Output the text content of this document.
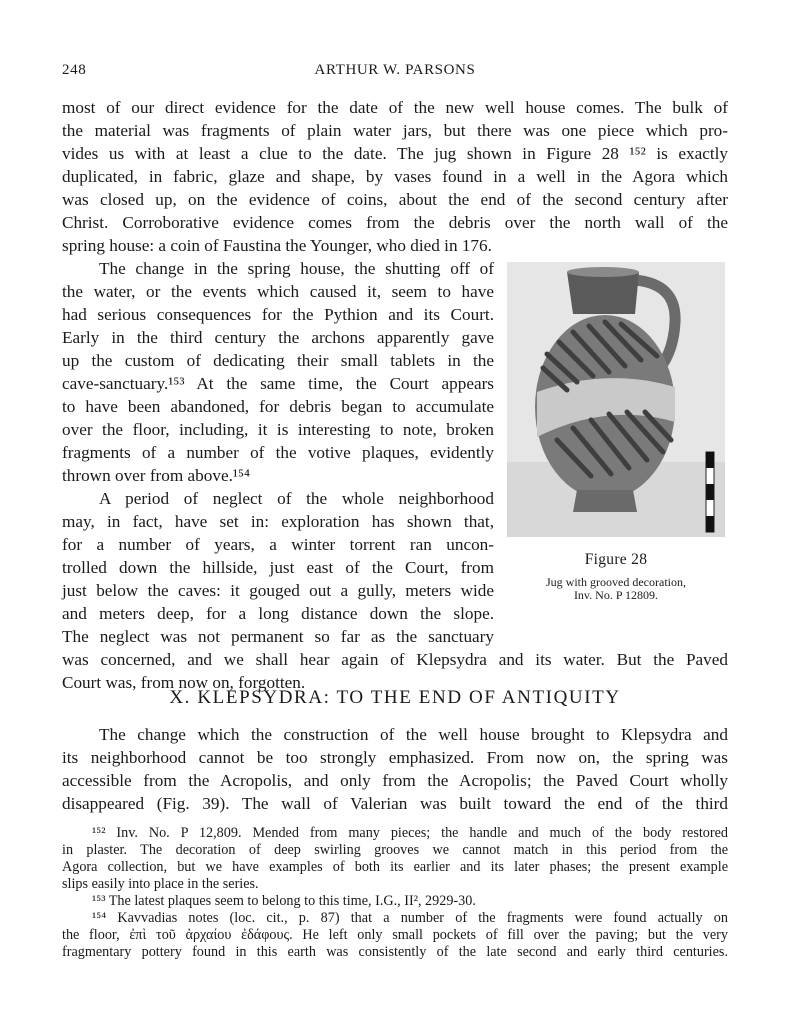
248	ARTHUR W. PARSONS
most of our direct evidence for the date of the new well house comes. The bulk of
the material was fragments of plain water jars, but there was one piece which pro-
vides us with at least a clue to the date. The jug shown in Figure 28 ¹⁵² is exactly
duplicated, in fabric, glaze and shape, by vases found in a well in the Agora which
was closed up, on the evidence of coins, about the end of the second century after
Christ. Corroborative evidence comes from the debris over the north wall of the
spring house: a coin of Faustina the Younger, who died in 176.
The change in the spring house, the shutting off of
the water, or the events which caused it, seem to have
had serious consequences for the Pythion and its Court.
Early in the third century the archons apparently gave
up the custom of dedicating their small tablets in the
cave-sanctuary.¹⁵³ At the same time, the Court appears
to have been abandoned, for debris began to accumulate
over the floor, including, it is interesting to note, broken
fragments of a number of the votive plaques, evidently
thrown over from above.¹⁵⁴
A period of neglect of the whole neighborhood
may, in fact, have set in: exploration has shown that,
for a number of years, a winter torrent ran uncon-
trolled down the hillside, just east of the Court, from
just below the caves: it gouged out a gully, meters wide
and meters deep, for a long distance down the slope.
The neglect was not permanent so far as the sanctuary
was concerned, and we shall hear again of Klepsydra and its water. But the Paved
Figure 28
Jug with grooved decoration,
Inv. No. P 12809.
Court was, from now on, forgotten.
X. KLEPSYDRA: TO THE END OF ANTIQUITY
The change which the construction of the well house brought to Klepsydra and
its neighborhood cannot be too strongly emphasized. From now on, the spring was
accessible from the Acropolis, and only from the Acropolis; the Paved Court wholly
disappeared (Fig. 39). The wall of Valerian was built toward the end of the third
¹⁵² Inv. No. P 12,809. Mended from many pieces; the handle and much of the body restored
in plaster. The decoration of deep swirling grooves we cannot match in this period from the
Agora collection, but we have examples of both its earlier and its later phases; the present example
slips easily into place in the series.
¹⁵³ The latest plaques seem to belong to this time, I.G., II², 2929-30.
¹⁵⁴ Kavvadias notes (loc. cit., p. 87) that a number of the fragments were found actually on
the floor, ἐπὶ τοῦ ἀρχαίου ἐδάφους. He left only small pockets of fill over the paving; but the very
fragmentary pottery found in this earth was consistently of the late second and early third centuries.
